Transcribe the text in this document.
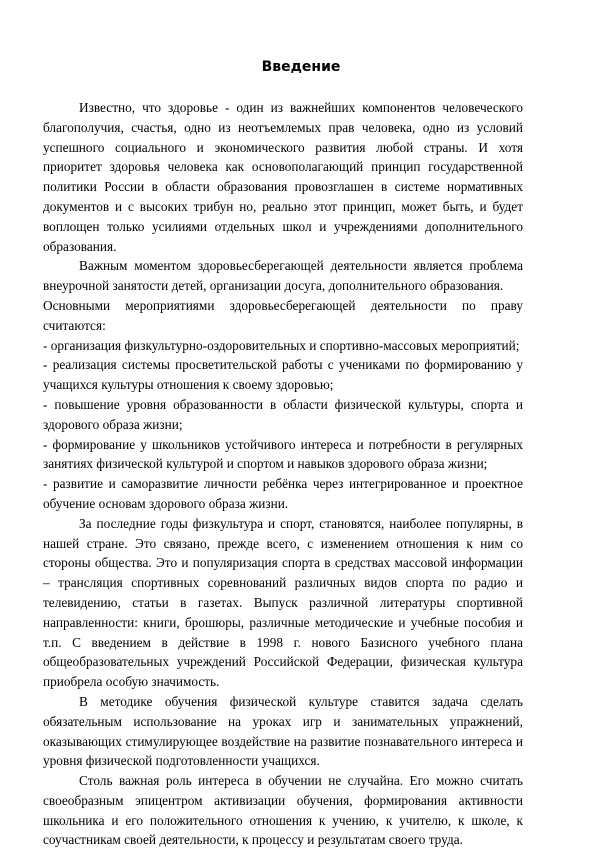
Введение

Известно, что здоровье - один из важнейших компонентов человеческого благополучия, счастья, одно из неотъемлемых прав человека, одно из условий успешного социального и экономического развития любой страны. И хотя приоритет здоровья человека как основополагающий принцип государственной политики России в области образования провозглашен в системе нормативных документов и с высоких трибун но, реально этот принцип, может быть, и будет воплощен только усилиями отдельных школ и учреждениями дополнительного образования.

Важным моментом здоровьесберегающей деятельности является проблема внеурочной занятости детей, организации досуга, дополнительного образования.

Основными мероприятиями здоровьесберегающей деятельности по праву считаются:

- организация физкультурно-оздоровительных и спортивно-массовых мероприятий;

- реализация системы просветительской работы с учениками по формированию у учащихся культуры отношения к своему здоровью;

- повышение уровня образованности в области физической культуры, спорта и здорового образа жизни;

- формирование у школьников устойчивого интереса и потребности в регулярных занятиях физической культурой и спортом и навыков здорового образа жизни;

- развитие и саморазвитие личности ребёнка через интегрированное и проектное обучение основам здорового образа жизни.

За последние годы физкультура и спорт, становятся, наиболее популярны, в нашей стране. Это связано, прежде всего, с изменением отношения к ним со стороны общества. Это и популяризация спорта в средствах массовой информации – трансляция спортивных соревнований различных видов спорта по радио и телевидению, статьи в газетах. Выпуск различной литературы спортивной направленности: книги, брошюры, различные методические и учебные пособия и т.п. С введением в действие в 1998 г. нового Базисного учебного плана общеобразовательных учреждений Российской Федерации, физическая культура приобрела особую значимость.

В методике обучения физической культуре ставится задача сделать обязательным использование на уроках игр и занимательных упражнений, оказывающих стимулирующее воздействие на развитие познавательного интереса и уровня физической подготовленности учащихся.

Столь важная роль интереса в обучении не случайна. Его можно считать своеобразным эпицентром активизации обучения, формирования активности школьника и его положительного отношения к учению, к учителю, к школе, к соучастникам своей деятельности, к процессу и результатам своего труда.
